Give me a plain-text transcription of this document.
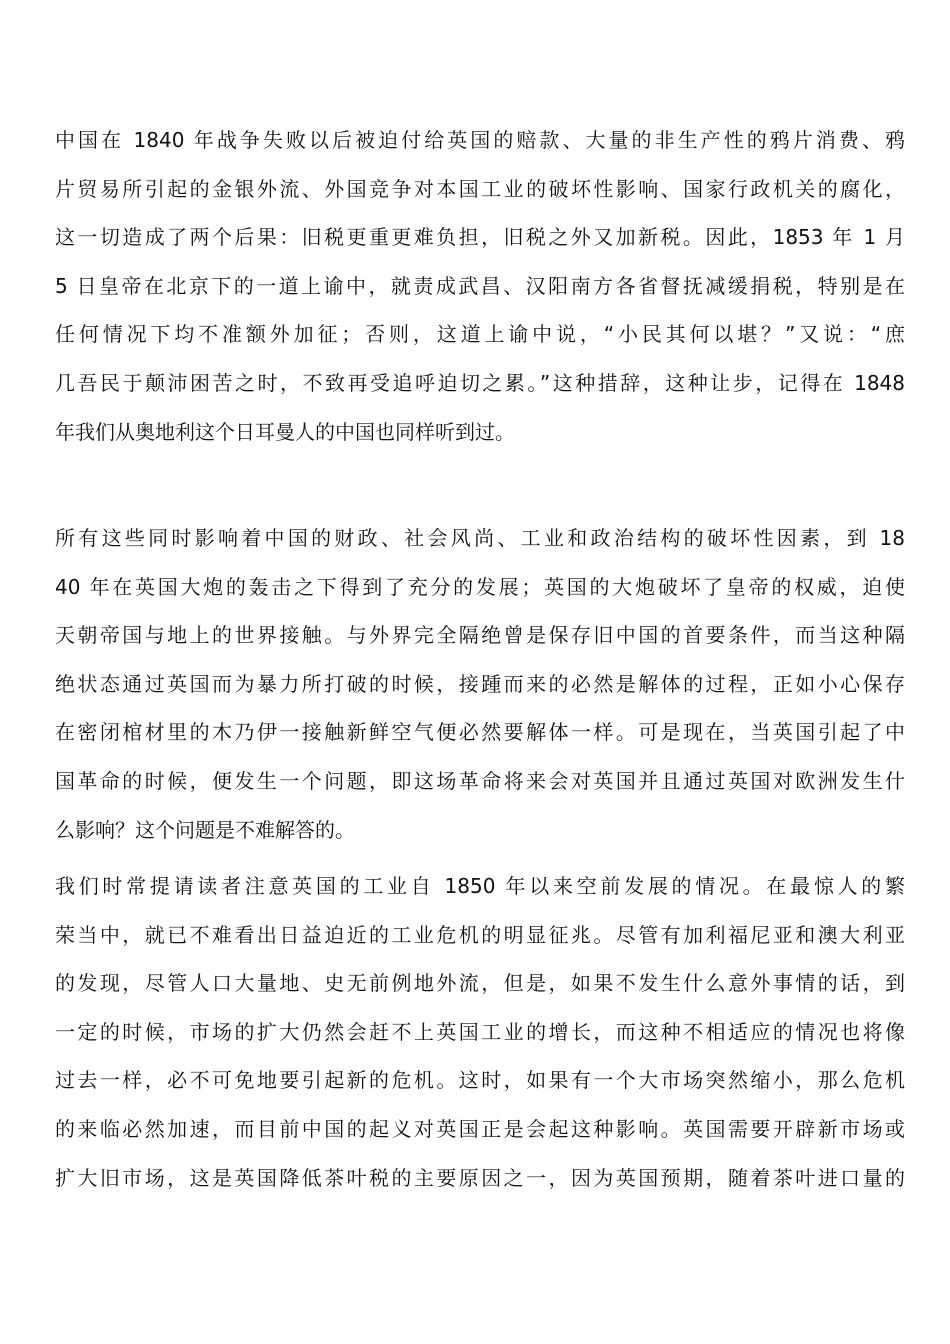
中国在 1840 年战争失败以后被迫付给英国的赔款、大量的非生产性的鸦片消费、鸦
片贸易所引起的金银外流、外国竞争对本国工业的破坏性影响、国家行政机关的腐化，
这一切造成了两个后果：旧税更重更难负担，旧税之外又加新税。因此，1853 年 1 月
5 日皇帝在北京下的一道上谕中，就责成武昌、汉阳南方各省督抚减缓捐税，特别是在
任何情况下均不准额外加征；否则，这道上谕中说，“小民其何以堪？”又说：“庶
几吾民于颠沛困苦之时，不致再受追呼迫切之累。”这种措辞，这种让步，记得在 1848
年我们从奥地利这个日耳曼人的中国也同样听到过。
所有这些同时影响着中国的财政、社会风尚、工业和政治结构的破坏性因素，到 18
40 年在英国大炮的轰击之下得到了充分的发展；英国的大炮破坏了皇帝的权威，迫使
天朝帝国与地上的世界接触。与外界完全隔绝曾是保存旧中国的首要条件，而当这种隔
绝状态通过英国而为暴力所打破的时候，接踵而来的必然是解体的过程，正如小心保存
在密闭棺材里的木乃伊一接触新鲜空气便必然要解体一样。可是现在，当英国引起了中
国革命的时候，便发生一个问题，即这场革命将来会对英国并且通过英国对欧洲发生什
么影响？这个问题是不难解答的。
我们时常提请读者注意英国的工业自 1850 年以来空前发展的情况。在最惊人的繁
荣当中，就已不难看出日益迫近的工业危机的明显征兆。尽管有加利福尼亚和澳大利亚
的发现，尽管人口大量地、史无前例地外流，但是，如果不发生什么意外事情的话，到
一定的时候，市场的扩大仍然会赶不上英国工业的增长，而这种不相适应的情况也将像
过去一样，必不可免地要引起新的危机。这时，如果有一个大市场突然缩小，那么危机
的来临必然加速，而目前中国的起义对英国正是会起这种影响。英国需要开辟新市场或
扩大旧市场，这是英国降低茶叶税的主要原因之一，因为英国预期，随着茶叶进口量的
